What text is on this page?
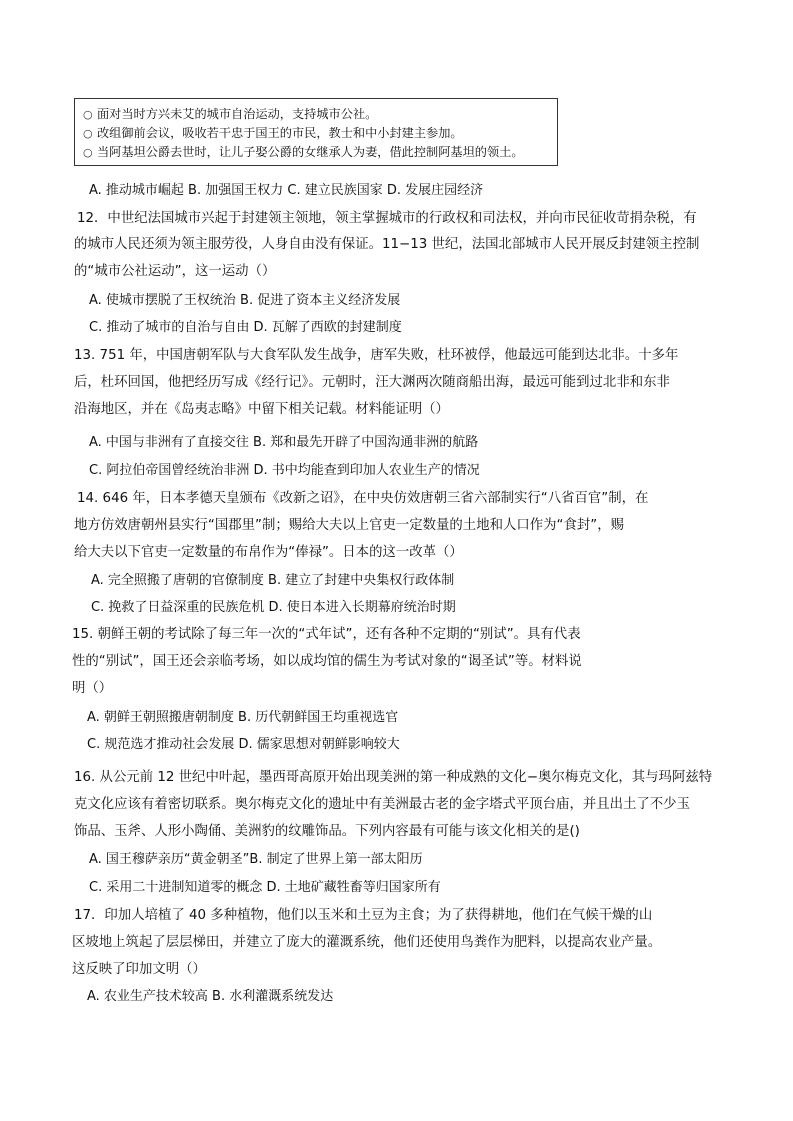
○ 面对当时方兴未艾的城市自治运动，支持城市公社。
○ 改组御前会议，吸收若干忠于国王的市民，教士和中小封建主参加。
○ 当阿基坦公爵去世时，让儿子娶公爵的女继承人为妻，借此控制阿基坦的领土。
A. 推动城市崛起 B. 加强国王权力 C. 建立民族国家 D. 发展庄园经济
12．中世纪法国城市兴起于封建领主领地，领主掌握城市的行政权和司法权，并向市民征收苛捐杂税，有
的城市人民还须为领主服劳役，人身自由没有保证。11−13 世纪，法国北部城市人民开展反封建领主控制
的“城市公社运动”，这一运动（）
A. 使城市摆脱了王权统治 B. 促进了资本主义经济发展
C. 推动了城市的自治与自由 D. 瓦解了西欧的封建制度
13. 751 年，中国唐朝军队与大食军队发生战争，唐军失败，杜环被俘，他最远可能到达北非。十多年
后，杜环回国，他把经历写成《经行记》。元朝时，汪大渊两次随商船出海，最远可能到过北非和东非
沿海地区，并在《岛夷志略》中留下相关记载。材料能证明（）
A. 中国与非洲有了直接交往 B. 郑和最先开辟了中国沟通非洲的航路
C. 阿拉伯帝国曾经统治非洲 D. 书中均能查到印加人农业生产的情况
14. 646 年，日本孝德天皇颁布《改新之诏》，在中央仿效唐朝三省六部制实行“八省百官”制，在
地方仿效唐朝州县实行“国郡里”制；赐给大夫以上官吏一定数量的土地和人口作为“食封”，赐
给大夫以下官吏一定数量的布帛作为“俸禄”。日本的这一改革（）
A. 完全照搬了唐朝的官僚制度 B. 建立了封建中央集权行政体制
C. 挽救了日益深重的民族危机 D. 使日本进入长期幕府统治时期
15. 朝鲜王朝的考试除了每三年一次的“式年试”，还有各种不定期的“别试”。具有代表
性的“别试”，国王还会亲临考场，如以成均馆的儒生为考试对象的“谒圣试”等。材料说
明（）
A. 朝鲜王朝照搬唐朝制度 B. 历代朝鲜国王均重视选官
C. 规范选才推动社会发展 D. 儒家思想对朝鲜影响较大
16. 从公元前 12 世纪中叶起，墨西哥高原开始出现美洲的第一种成熟的文化−奥尔梅克文化，其与玛阿兹特
克文化应该有着密切联系。奥尔梅克文化的遗址中有美洲最古老的金字塔式平顶台庙，并且出土了不少玉
饰品、玉斧、人形小陶俑、美洲豹的纹雕饰品。下列内容最有可能与该文化相关的是()
A. 国王穆萨亲历“黄金朝圣”B. 制定了世界上第一部太阳历
C. 采用二十进制知道零的概念 D. 土地矿藏牲畜等归国家所有
17．印加人培植了 40 多种植物，他们以玉米和土豆为主食；为了获得耕地，他们在气候干燥的山
区坡地上筑起了层层梯田，并建立了庞大的灌溉系统，他们还使用鸟粪作为肥料，以提高农业产量。
这反映了印加文明（）
A. 农业生产技术较高 B. 水利灌溉系统发达
